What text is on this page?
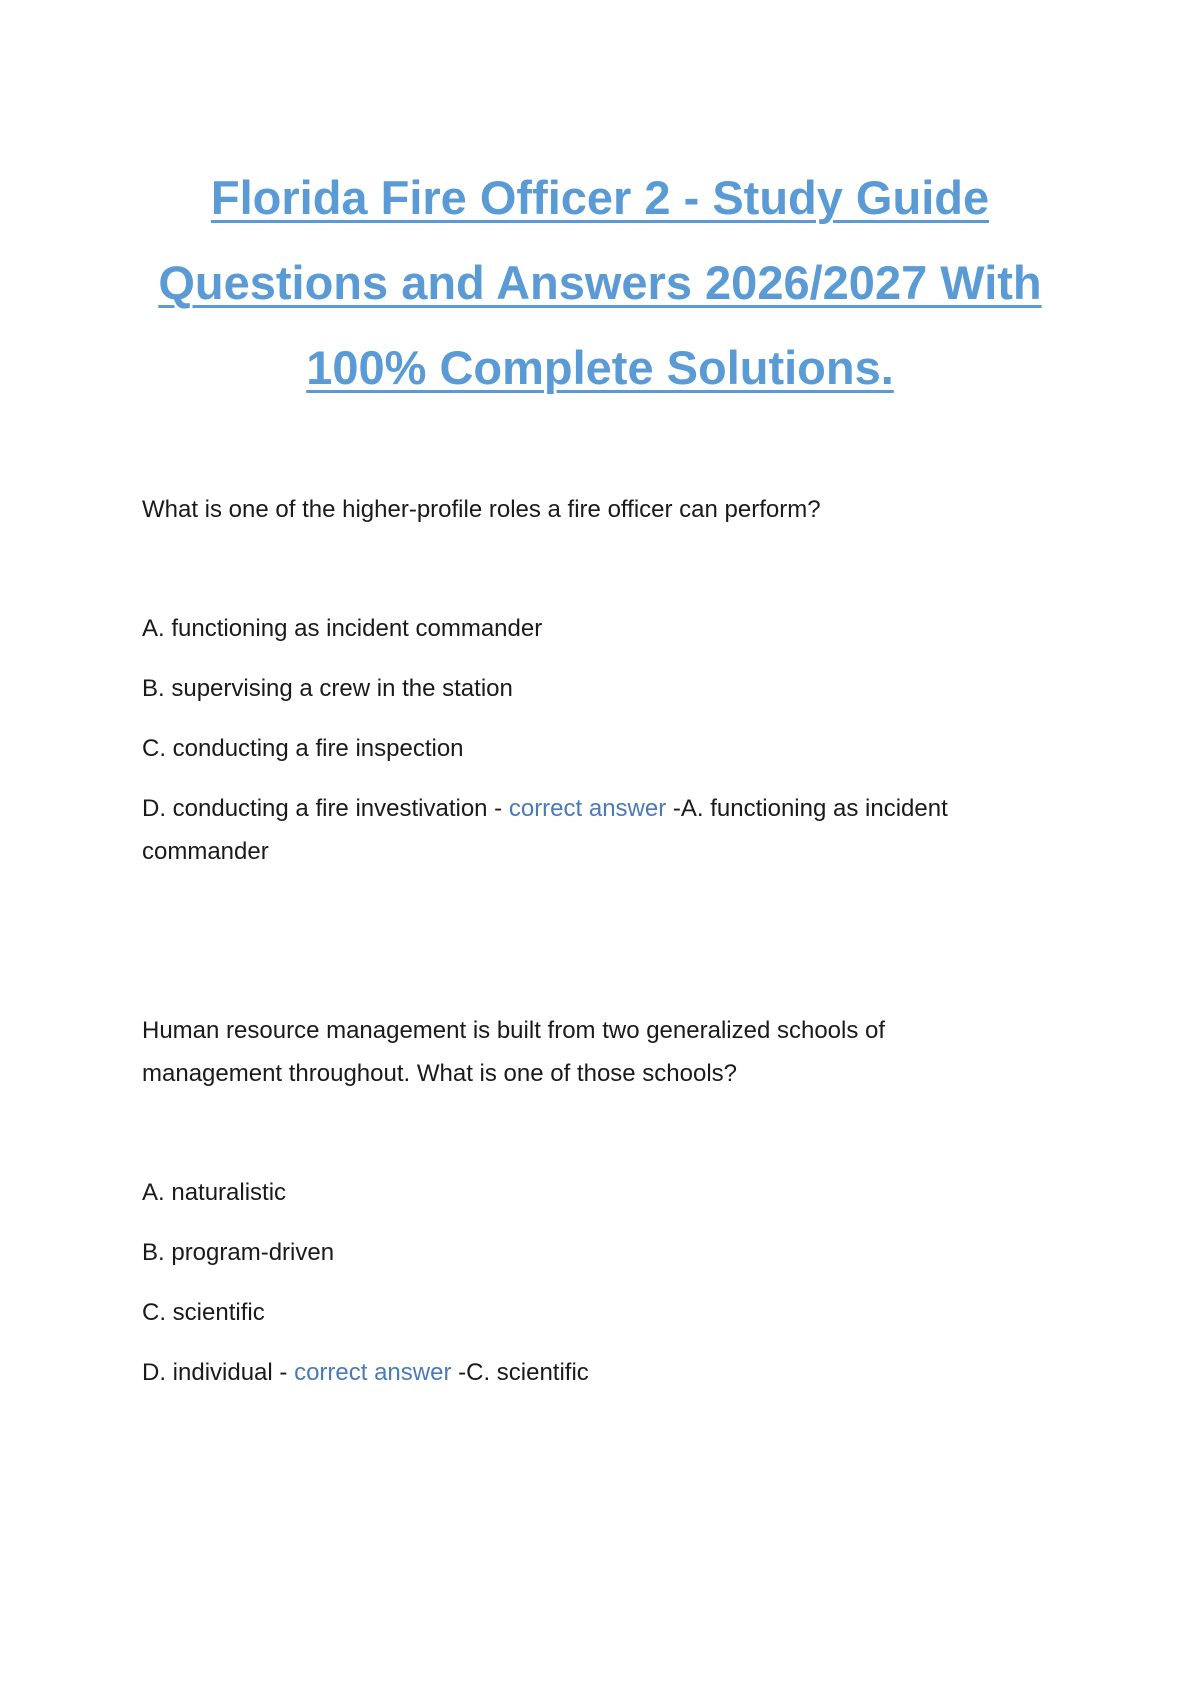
Florida Fire Officer 2 - Study Guide Questions and Answers 2026/2027 With 100% Complete Solutions.
What is one of the higher-profile roles a fire officer can perform?
A. functioning as incident commander
B. supervising a crew in the station
C. conducting a fire inspection
D. conducting a fire investivation - correct answer -A. functioning as incident
commander
Human resource management is built from two generalized schools of
management throughout. What is one of those schools?
A. naturalistic
B. program-driven
C. scientific
D. individual - correct answer -C. scientific
